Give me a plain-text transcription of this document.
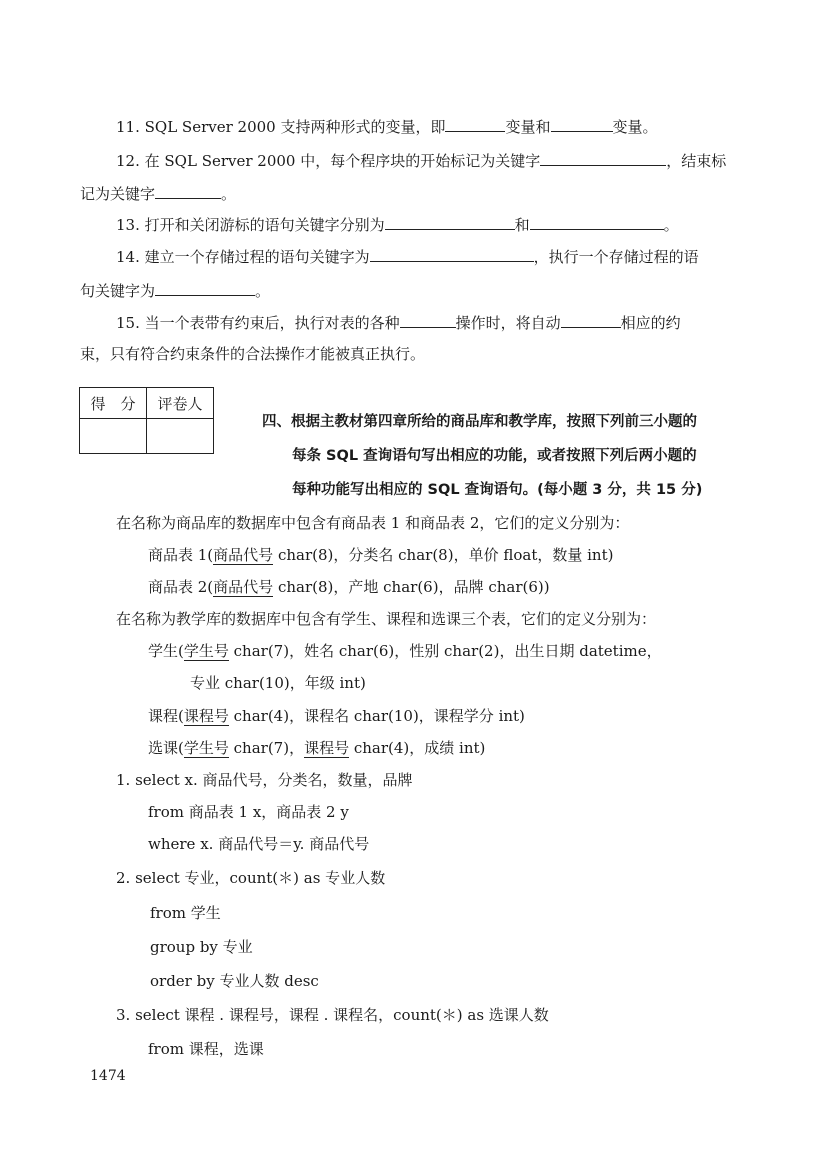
11. SQL Server 2000 支持两种形式的变量，即	变量和	变量。
12. 在 SQL Server 2000 中，每个程序块的开始标记为关键字	，结束标
记为关键字	。
13. 打开和关闭游标的语句关键字分别为	和	。
14. 建立一个存储过程的语句关键字为	，执行一个存储过程的语
句关键字为	。
15. 当一个表带有约束后，执行对表的各种	操作时，将自动	相应的约
束，只有符合约束条件的合法操作才能被真正执行。
得　分	评卷人

四、根据主教材第四章所给的商品库和教学库，按照下列前三小题的
每条 SQL 查询语句写出相应的功能，或者按照下列后两小题的
每种功能写出相应的 SQL 查询语句。(每小题 3 分，共 15 分)
在名称为商品库的数据库中包含有商品表 1 和商品表 2，它们的定义分别为：
商品表 1(商品代号 char(8)，分类名 char(8)，单价 float，数量 int)
商品表 2(商品代号 char(8)，产地 char(6)，品牌 char(6))
在名称为教学库的数据库中包含有学生、课程和选课三个表，它们的定义分别为：
学生(学生号 char(7)，姓名 char(6)，性别 char(2)，出生日期 datetime，
专业 char(10)，年级 int)
课程(课程号 char(4)，课程名 char(10)，课程学分 int)
选课(学生号 char(7)，课程号 char(4)，成绩 int)
1. select x. 商品代号，分类名，数量，品牌
from 商品表 1 x，商品表 2 y
where x. 商品代号＝y. 商品代号
2. select 专业，count(＊) as 专业人数
from 学生
group by 专业
order by 专业人数 desc
3. select 课程 . 课程号，课程 . 课程名，count(＊) as 选课人数
from 课程，选课
1474
